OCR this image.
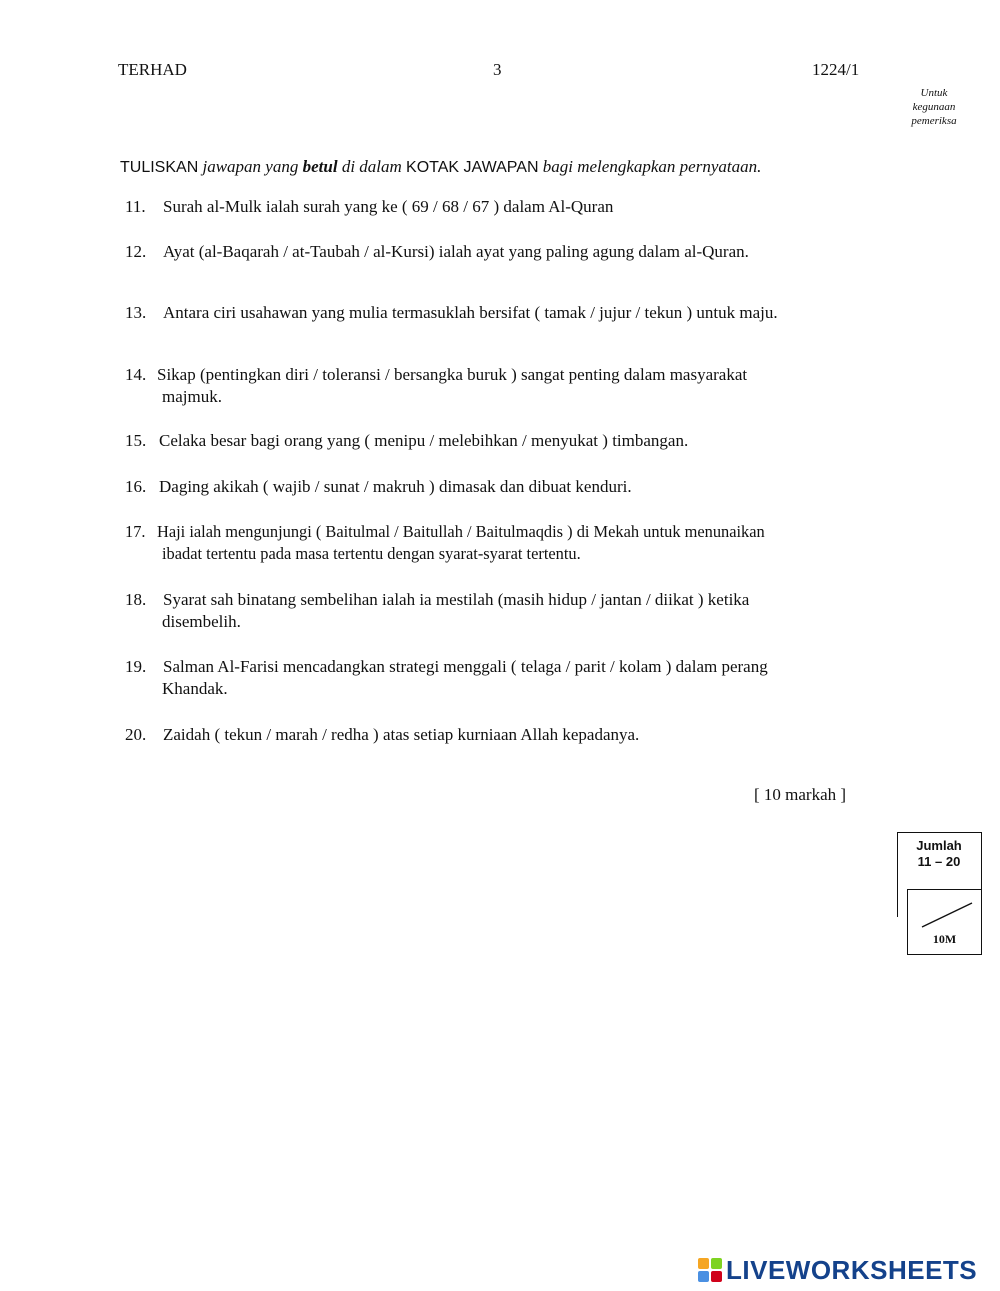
TERHAD	3	1224/1
Untuk
kegunaan
pemeriksa
TULISKAN jawapan yang betul di dalam KOTAK JAWAPAN bagi melengkapkan pernyataan.
11. Surah al-Mulk ialah surah yang ke ( 69 / 68 / 67 ) dalam Al-Quran
12. Ayat (al-Baqarah / at-Taubah / al-Kursi) ialah ayat yang paling agung dalam al-Quran.
13. Antara ciri usahawan yang mulia termasuklah bersifat ( tamak / jujur / tekun ) untuk maju.
14. Sikap (pentingkan diri / toleransi / bersangka buruk ) sangat penting dalam masyarakat
majmuk.
15. Celaka besar bagi orang yang ( menipu / melebihkan / menyukat ) timbangan.
16. Daging akikah ( wajib / sunat / makruh ) dimasak dan dibuat kenduri.
17. Haji ialah mengunjungi ( Baitulmal / Baitullah / Baitulmaqdis ) di Mekah untuk menunaikan
ibadat tertentu pada masa tertentu dengan syarat-syarat tertentu.
18. Syarat sah binatang sembelihan ialah ia mestilah (masih hidup / jantan / diikat ) ketika
disembelih.
19. Salman Al-Farisi mencadangkan strategi menggali ( telaga / parit / kolam ) dalam perang
Khandak.
20. Zaidah ( tekun / marah / redha ) atas setiap kurniaan Allah kepadanya.
[ 10 markah ]
Jumlah
11 – 20
10M
LIVEWORKSHEETS
